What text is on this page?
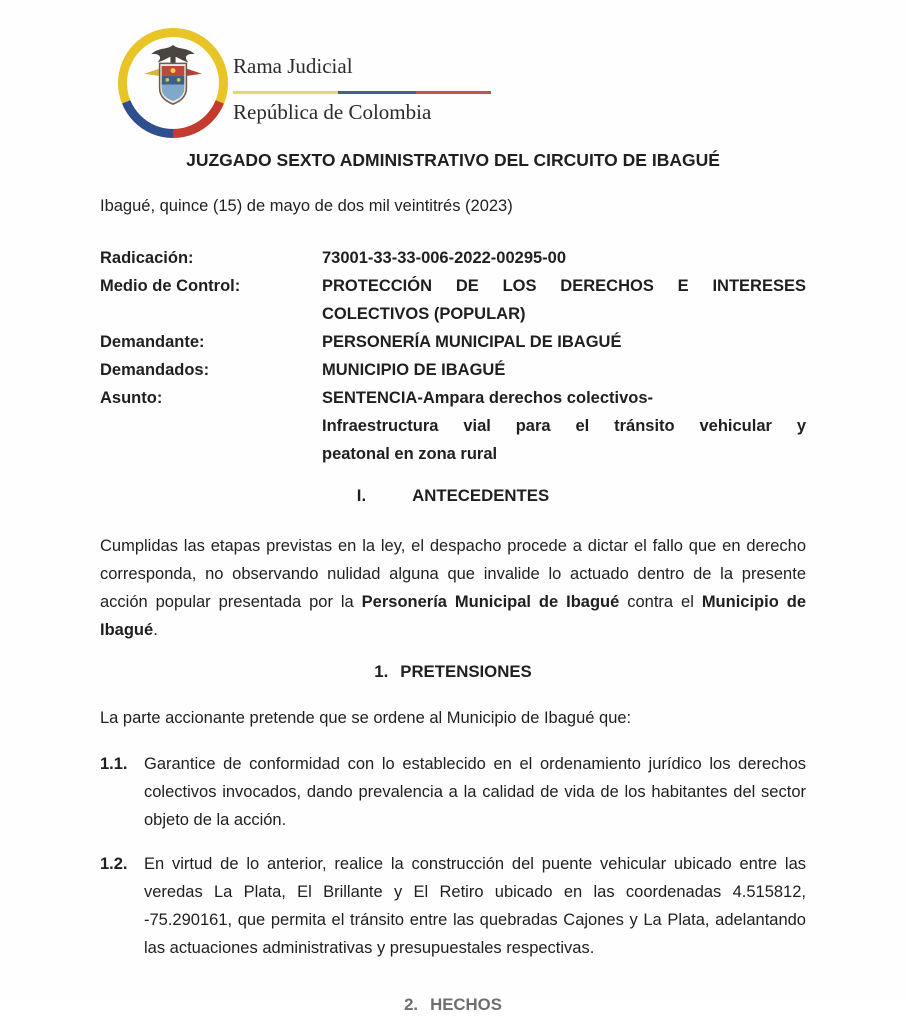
Rama Judicial
República de Colombia
JUZGADO SEXTO ADMINISTRATIVO DEL CIRCUITO DE IBAGUÉ
Ibagué, quince (15) de mayo de dos mil veintitrés (2023)
Radicación:	73001-33-33-006-2022-00295-00
Medio de Control:	PROTECCIÓN DE LOS DERECHOS E INTERESES
COLECTIVOS (POPULAR)
Demandante:	PERSONERÍA MUNICIPAL DE IBAGUÉ
Demandados:	MUNICIPIO DE IBAGUÉ
Asunto:	SENTENCIA-Ampara derechos colectivos-
Infraestructura vial para el tránsito vehicular y
peatonal en zona rural
I.	ANTECEDENTES
Cumplidas las etapas previstas en la ley, el despacho procede a dictar el fallo que en derecho corresponda, no observando nulidad alguna que invalide lo actuado dentro de la presente acción popular presentada por la Personería Municipal de Ibagué contra el Municipio de Ibagué.
1. PRETENSIONES
La parte accionante pretende que se ordene al Municipio de Ibagué que:
1.1. Garantice de conformidad con lo establecido en el ordenamiento jurídico los derechos colectivos invocados, dando prevalencia a la calidad de vida de los habitantes del sector objeto de la acción.
1.2. En virtud de lo anterior, realice la construcción del puente vehicular ubicado entre las veredas La Plata, El Brillante y El Retiro ubicado en las coordenadas 4.515812, -75.290161, que permita el tránsito entre las quebradas Cajones y La Plata, adelantando las actuaciones administrativas y presupuestales respectivas.
2. HECHOS
